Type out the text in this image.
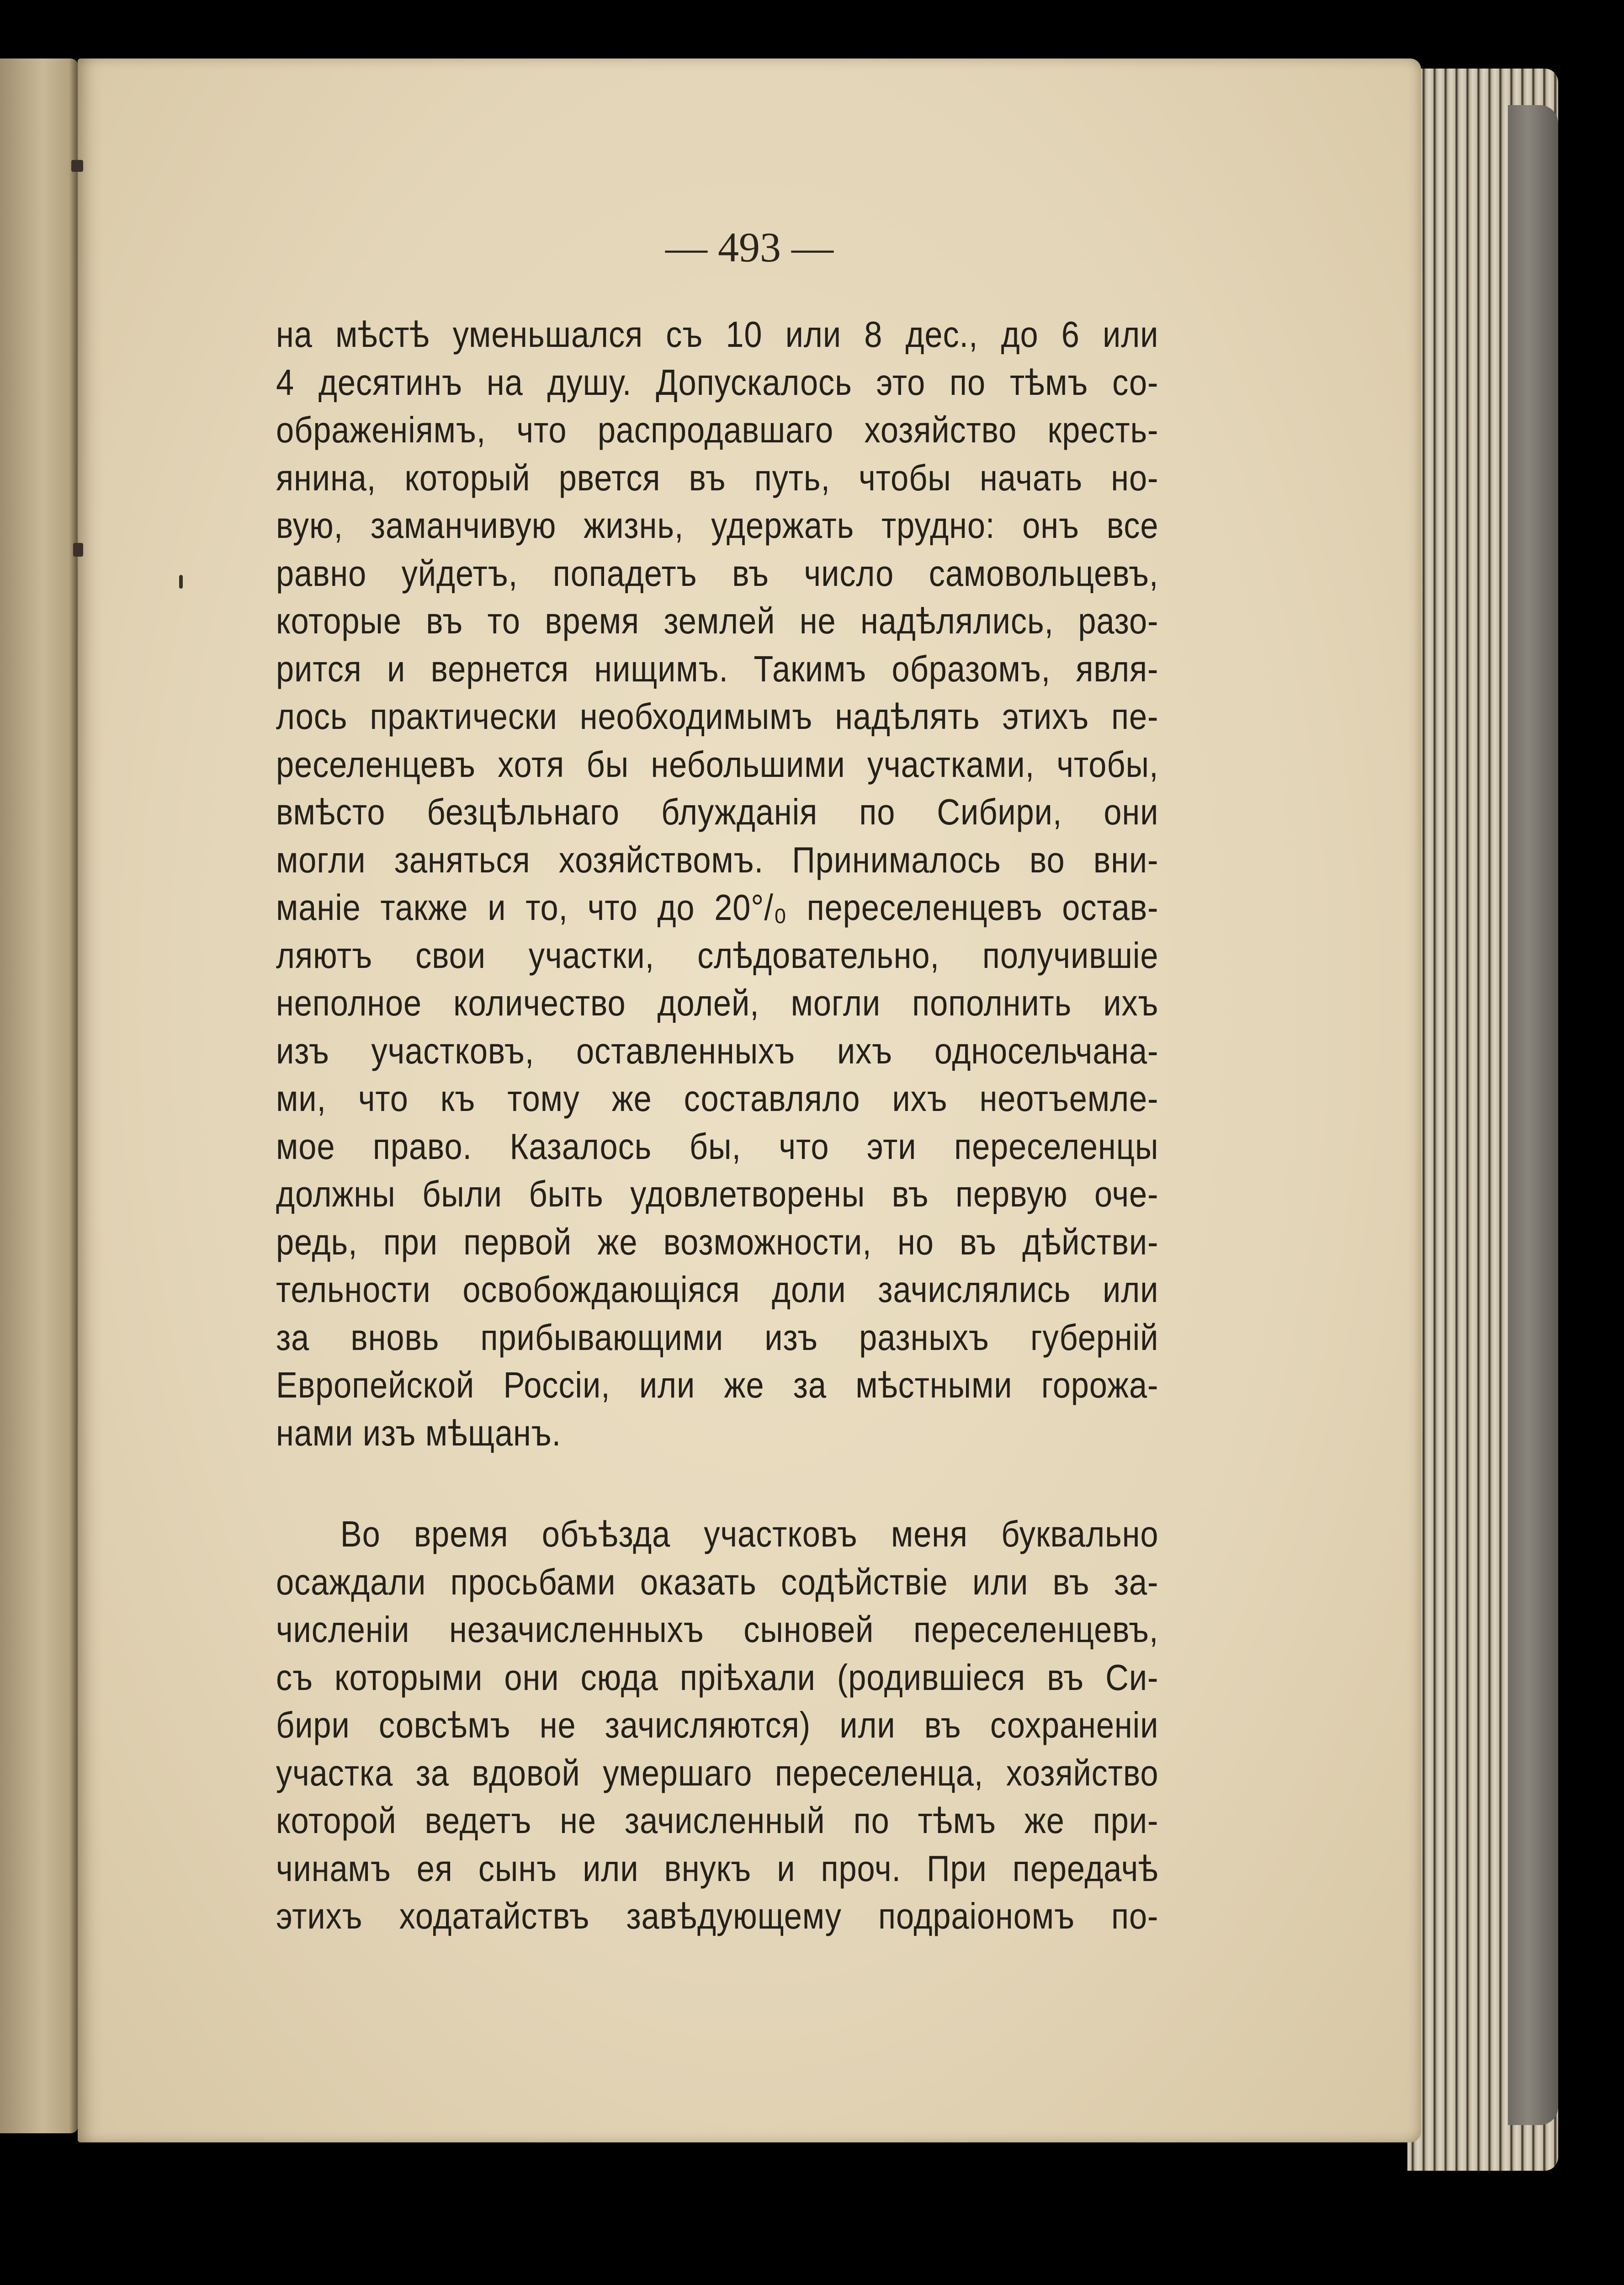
— 493 —
на мѣстѣ уменьшался съ 10 или 8 дес., до 6 или
4 десятинъ на душу. Допускалось это по тѣмъ со-
ображеніямъ, что распродавшаго хозяйство кресть-
янина, который рвется въ путь, чтобы начать но-
вую, заманчивую жизнь, удержать трудно: онъ все
равно уйдетъ, попадетъ въ число самовольцевъ,
которые въ то время землей не надѣлялись, разо-
рится и вернется нищимъ. Такимъ образомъ, явля-
лось практически необходимымъ надѣлять этихъ пе-
реселенцевъ хотя бы небольшими участками, чтобы,
вмѣсто безцѣльнаго блужданія по Сибири, они
могли заняться хозяйствомъ. Принималось во вни-
маніе также и то, что до 20°/₀ переселенцевъ остав-
ляютъ свои участки, слѣдовательно, получившіе
неполное количество долей, могли пополнить ихъ
изъ участковъ, оставленныхъ ихъ односельчана-
ми, что къ тому же составляло ихъ неотъемле-
мое право. Казалось бы, что эти переселенцы
должны были быть удовлетворены въ первую оче-
редь, при первой же возможности, но въ дѣйстви-
тельности освобождающіяся доли зачислялись или
за вновь прибывающими изъ разныхъ губерній
Европейской Россіи, или же за мѣстными горожа-
нами изъ мѣщанъ.
Во время объѣзда участковъ меня буквально
осаждали просьбами оказать содѣйствіе или въ за-
численіи незачисленныхъ сыновей переселенцевъ,
съ которыми они сюда пріѣхали (родившіеся въ Си-
бири совсѣмъ не зачисляются) или въ сохраненіи
участка за вдовой умершаго переселенца, хозяйство
которой ведетъ не зачисленный по тѣмъ же при-
чинамъ ея сынъ или внукъ и проч. При передачѣ
этихъ ходатайствъ завѣдующему подраіономъ по-
